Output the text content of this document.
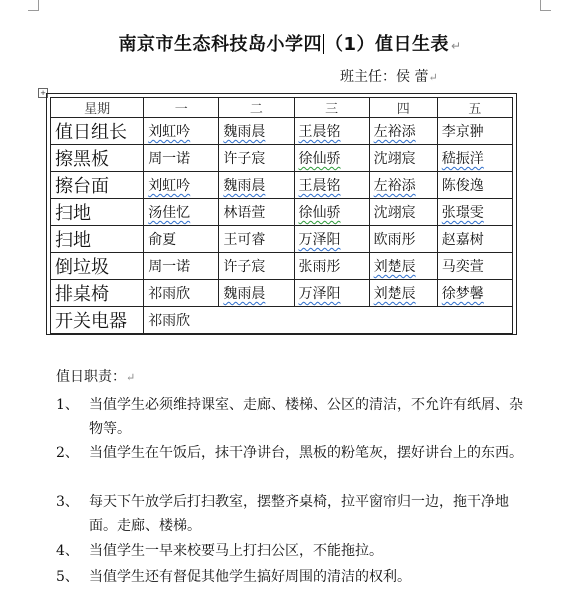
南京市生态科技岛小学四 （1）值日生表 ↵
班主任：侯 蕾↵
+
星期	一	二	三	四	五
值日组长	刘虹吟	魏雨晨	王晨铭	左裕添	李京翀
擦黑板	周一诺	许子宸	徐仙骄	沈翊宸	嵇振洋
擦台面	刘虹吟	魏雨晨	王晨铭	左裕添	陈俊逸
扫地	汤佳忆	林语萱	徐仙骄	沈翊宸	张璟雯
扫地	俞夏	王可睿	万泽阳	欧雨彤	赵嘉树
倒垃圾	周一诺	许子宸	张雨彤	刘楚辰	马奕萱
排桌椅	祁雨欣	魏雨晨	万泽阳	刘楚辰	徐梦馨
开关电器	祁雨欣				
值日职责：↵
1、 当值学生必须维持课室、走廊、楼梯、公区的清洁，不允许有纸屑、杂物等。
2、 当值学生在午饭后，抹干净讲台，黑板的粉笔灰，摆好讲台上的东西。
3、 每天下午放学后打扫教室，摆整齐桌椅，拉平窗帘归一边，拖干净地面。走廊、楼梯。
4、 当值学生一早来校要马上打扫公区，不能拖拉。
5、 当值学生还有督促其他学生搞好周围的清洁的权利。
